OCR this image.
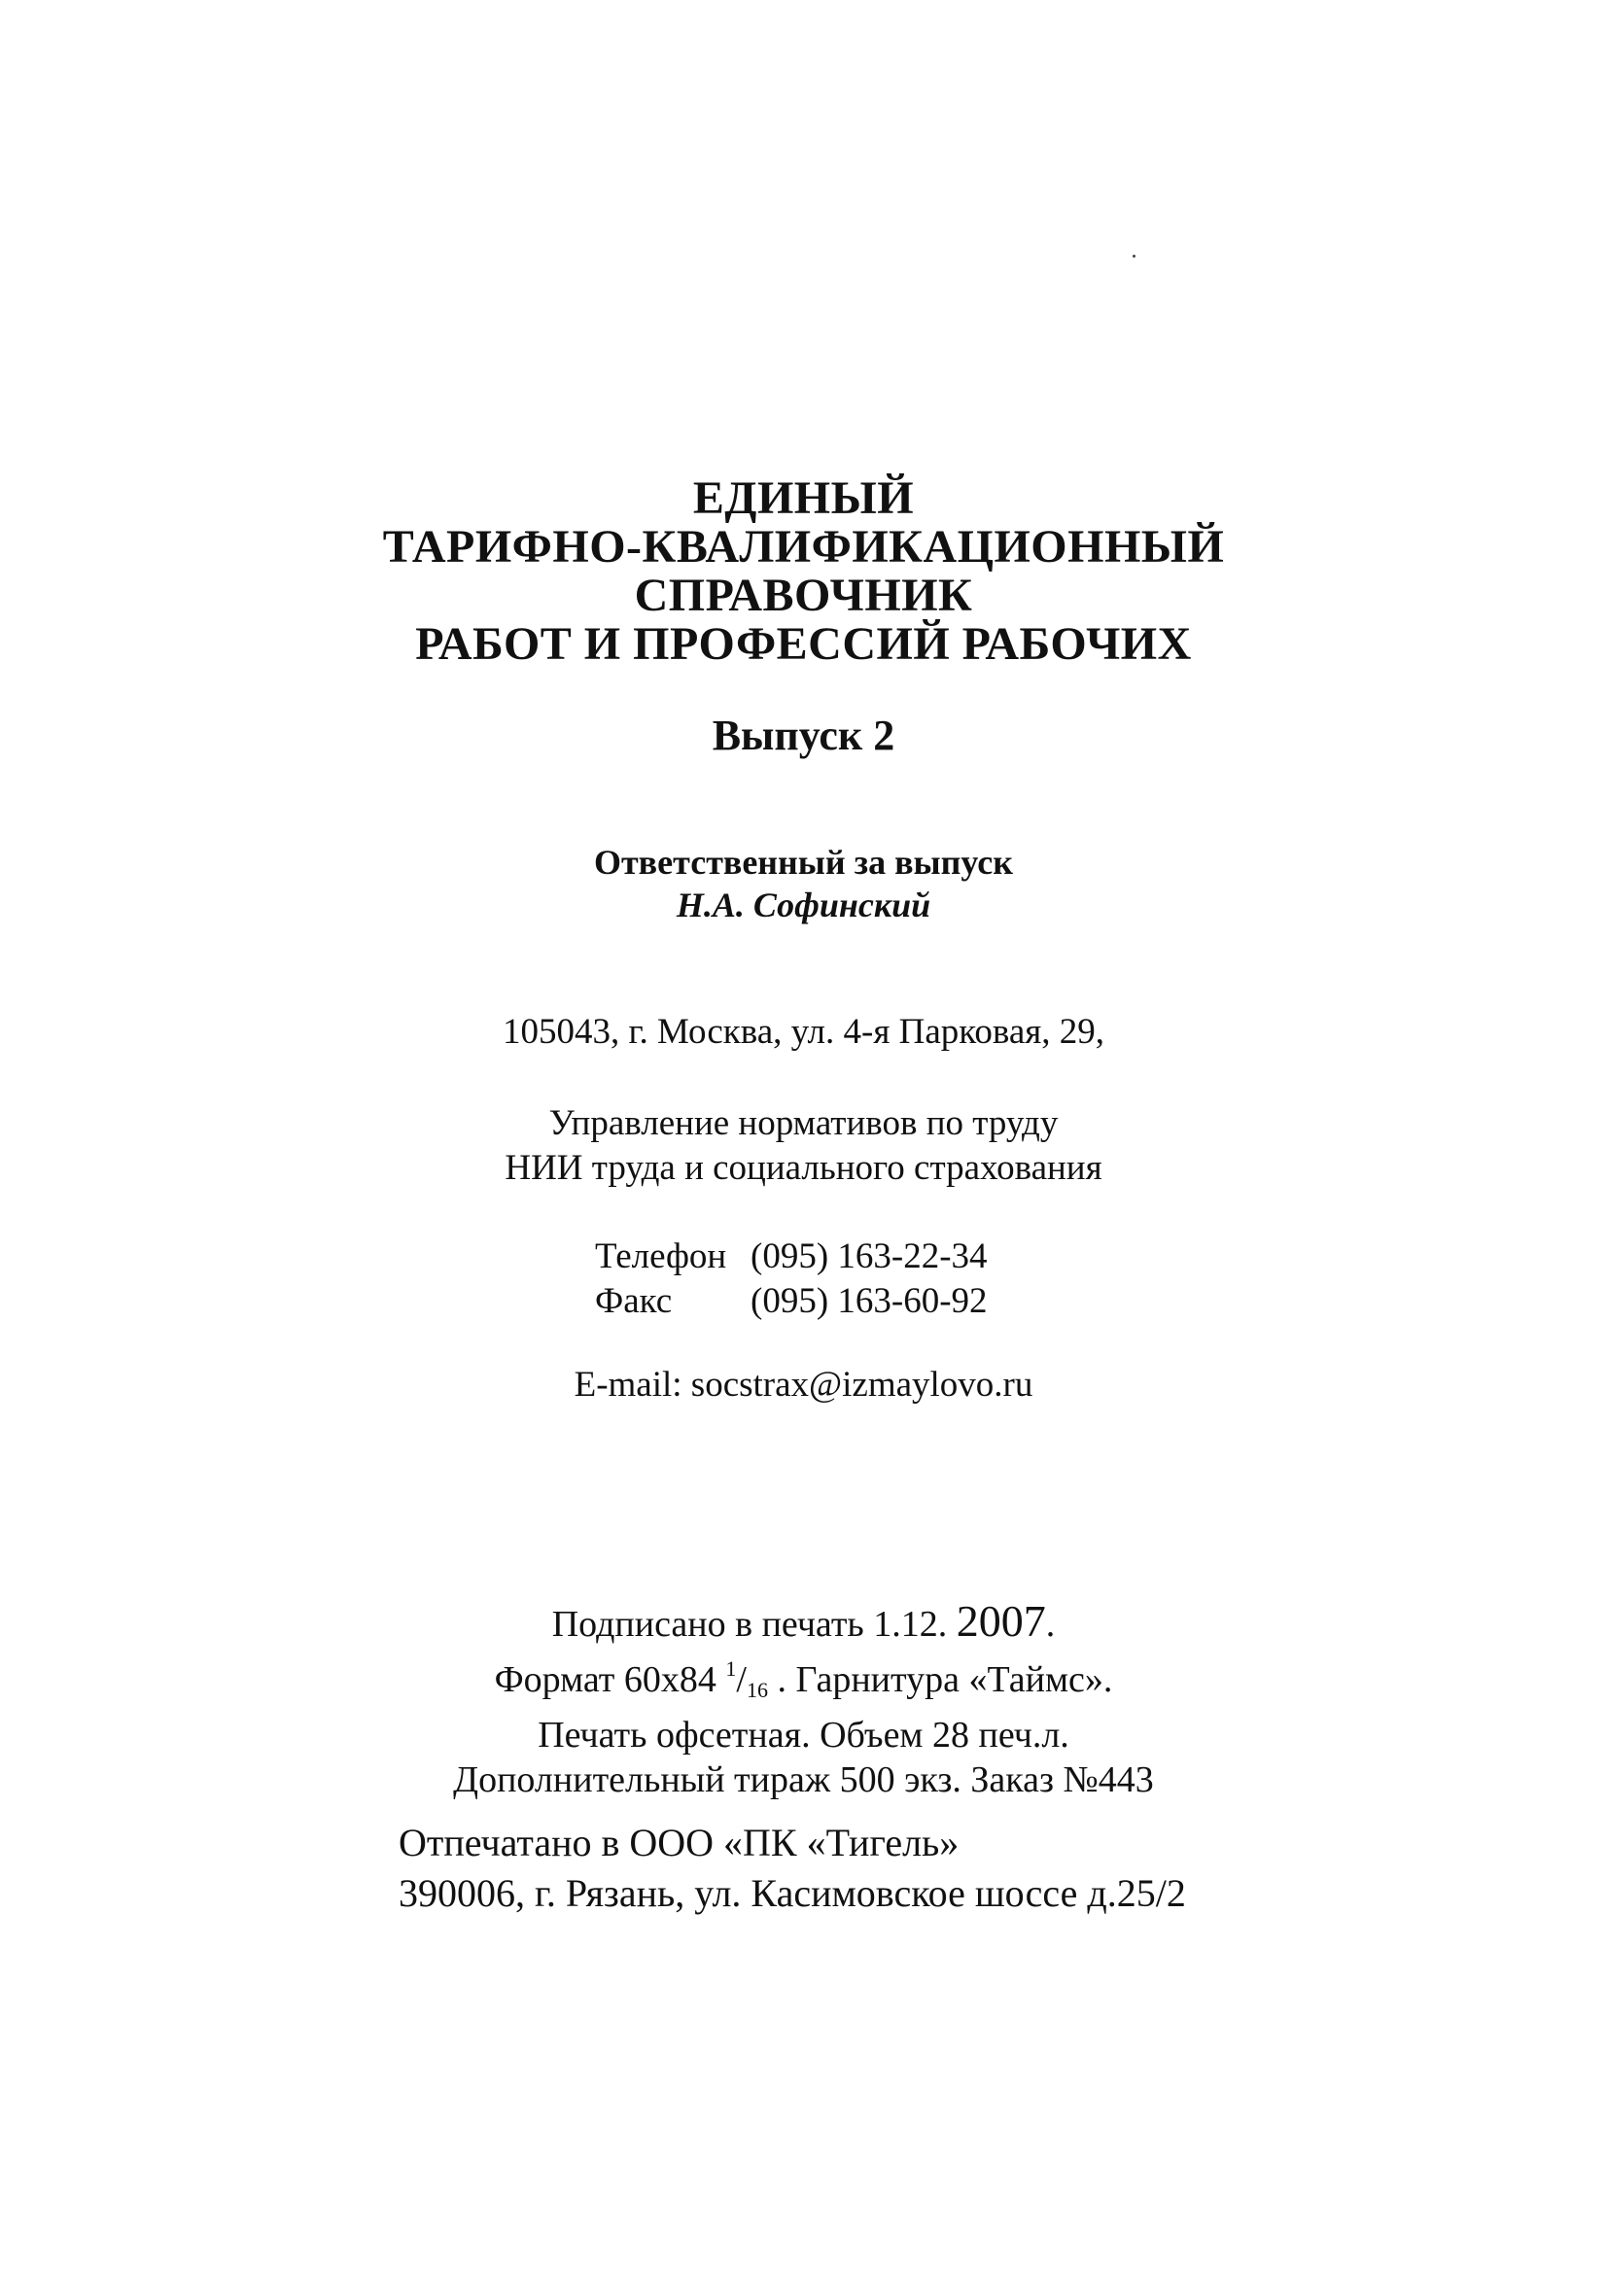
ЕДИНЫЙ
ТАРИФНО-КВАЛИФИКАЦИОННЫЙ
СПРАВОЧНИК
РАБОТ И ПРОФЕССИЙ РАБОЧИХ
Выпуск 2
Ответственный за выпуск
Н.А. Софинский
105043, г. Москва, ул. 4-я Парковая, 29,
Управление нормативов по труду
НИИ труда и социального страхования
Телефон (095) 163-22-34
Факс	(095) 163-60-92
E-mail: socstrax@izmaylovo.ru
Подписано в печать 1.12. 2007.
Формат 60x84 $^1/_{16}$ . Гарнитура «Таймс».
Печать офсетная. Объем 28 печ.л.
Дополнительный тираж 500 экз. Заказ №443
Отпечатано в ООО «ПК «Тигель»
390006, г. Рязань, ул. Касимовское шоссе д.25/2
